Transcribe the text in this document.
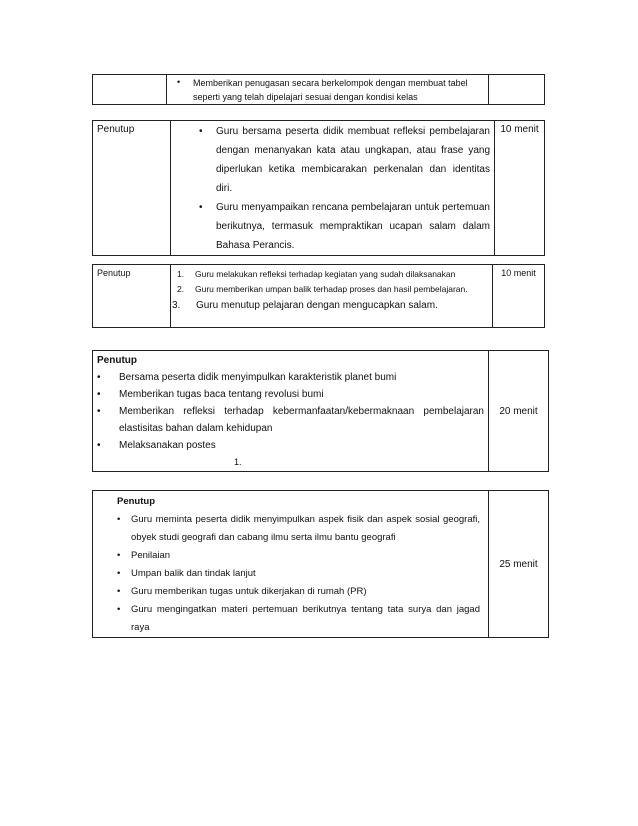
• Memberikan penugasan secara berkelompok dengan membuat tabel seperti yang telah dipelajari sesuai dengan kondisi kelas

Penutup	• Guru bersama peserta didik membuat refleksi pembelajaran dengan menanyakan kata atau ungkapan, atau frase yang diperlukan ketika membicarakan perkenalan dan identitas diri.
• Guru menyampaikan rencana pembelajaran untuk pertemuan berikutnya, termasuk mempraktikan ucapan salam dalam Bahasa Perancis.
	10 menit
Penutup	1. Guru melakukan refleksi terhadap kegiatan yang sudah dilaksanakan
2. Guru memberikan umpan balik terhadap proses dan hasil pembelajaran.
3. Guru menutup pelajaran dengan mengucapkan salam.
	10 menit
Penutup
• Bersama peserta didik menyimpulkan karakteristik planet bumi
• Memberikan tugas baca tentang revolusi bumi
• Memberikan refleksi terhadap kebermanfaatan/kebermaknaan pembelajaran elastisitas bahan dalam kehidupan
• Melaksanakan postes
1.
	20 menit
Penutup
• Guru meminta peserta didik menyimpulkan aspek fisik dan aspek sosial geografi, obyek studi geografi dan cabang ilmu serta ilmu bantu geografi
• Penilaian
• Umpan balik dan tindak lanjut
• Guru memberikan tugas untuk dikerjakan di rumah (PR)
• Guru mengingatkan materi pertemuan berikutnya tentang tata surya dan jagad raya
	25 menit
